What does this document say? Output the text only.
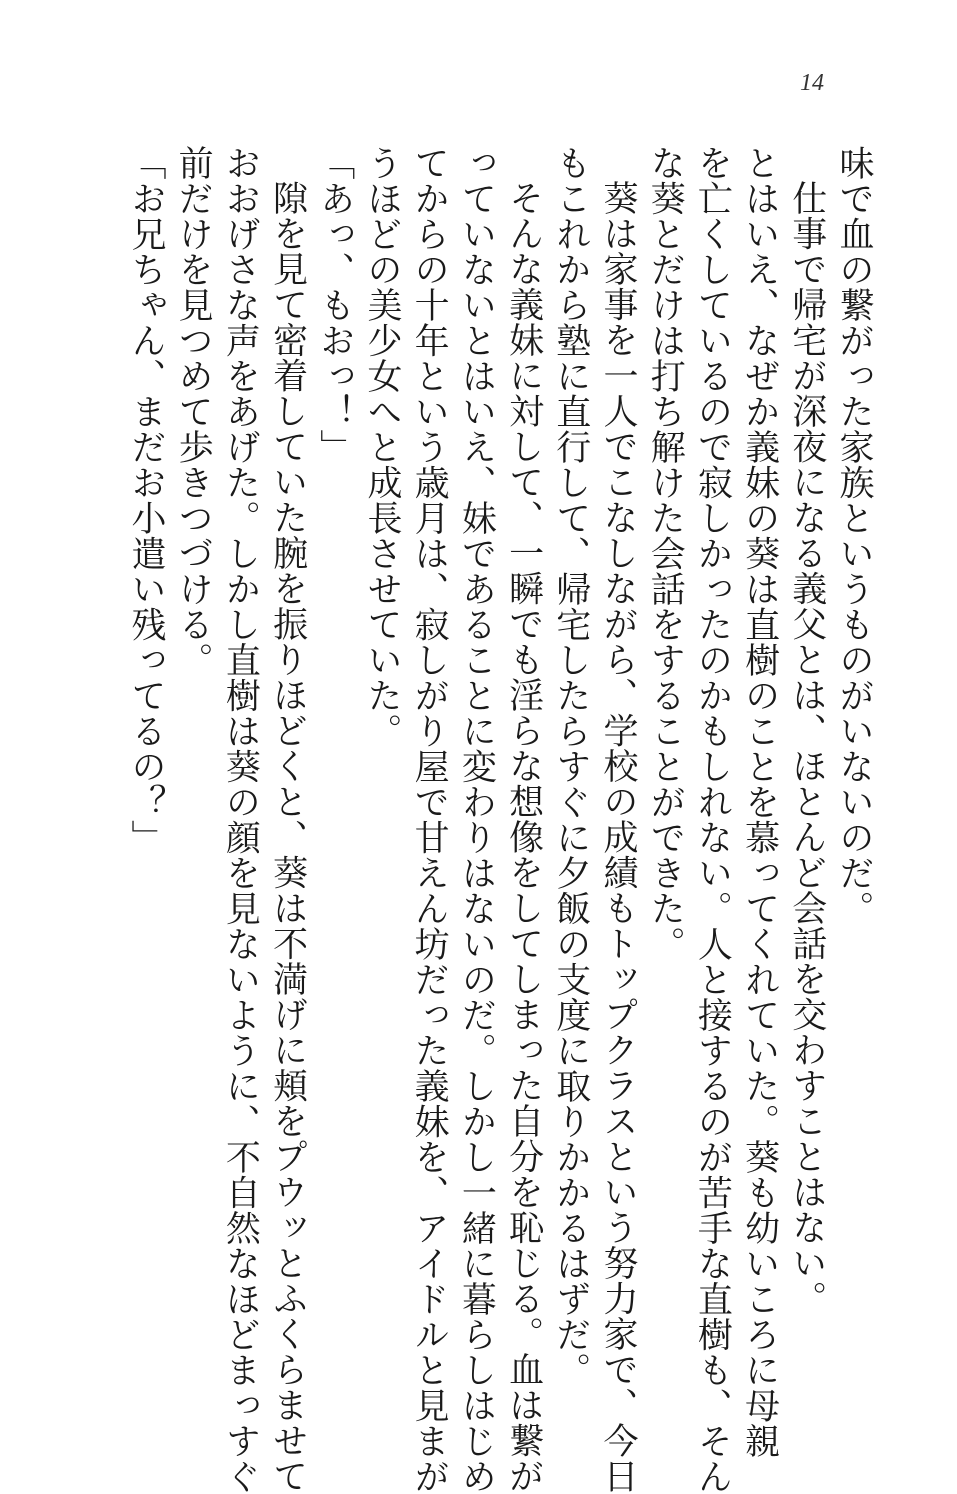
14
味で血の繋がった家族というものがいないのだ。
仕事で帰宅が深夜になる義父とは、ほとんど会話を交わすことはない。
とはいえ、なぜか義妹の葵は直樹のことを慕ってくれていた。葵も幼いころに母親
を亡くしているので寂しかったのかもしれない。人と接するのが苦手な直樹も、そん
な葵とだけは打ち解けた会話をすることができた。
葵は家事を一人でこなしながら、学校の成績もトップクラスという努力家で、今日
もこれから塾に直行して、帰宅したらすぐに夕飯の支度に取りかかるはずだ。
そんな義妹に対して、一瞬でも淫らな想像をしてしまった自分を恥じる。血は繋が
っていないとはいえ、妹であることに変わりはないのだ。しかし一緒に暮らしはじめ
てからの十年という歳月は、寂しがり屋で甘えん坊だった義妹を、アイドルと見まが
うほどの美少女へと成長させていた。
「あっ、もおっ！」
隙を見て密着していた腕を振りほどくと、葵は不満げに頬をプウッとふくらませて
おおげさな声をあげた。しかし直樹は葵の顔を見ないように、不自然なほどまっすぐ
前だけを見つめて歩きつづける。
「お兄ちゃん、まだお小遣い残ってるの？」
